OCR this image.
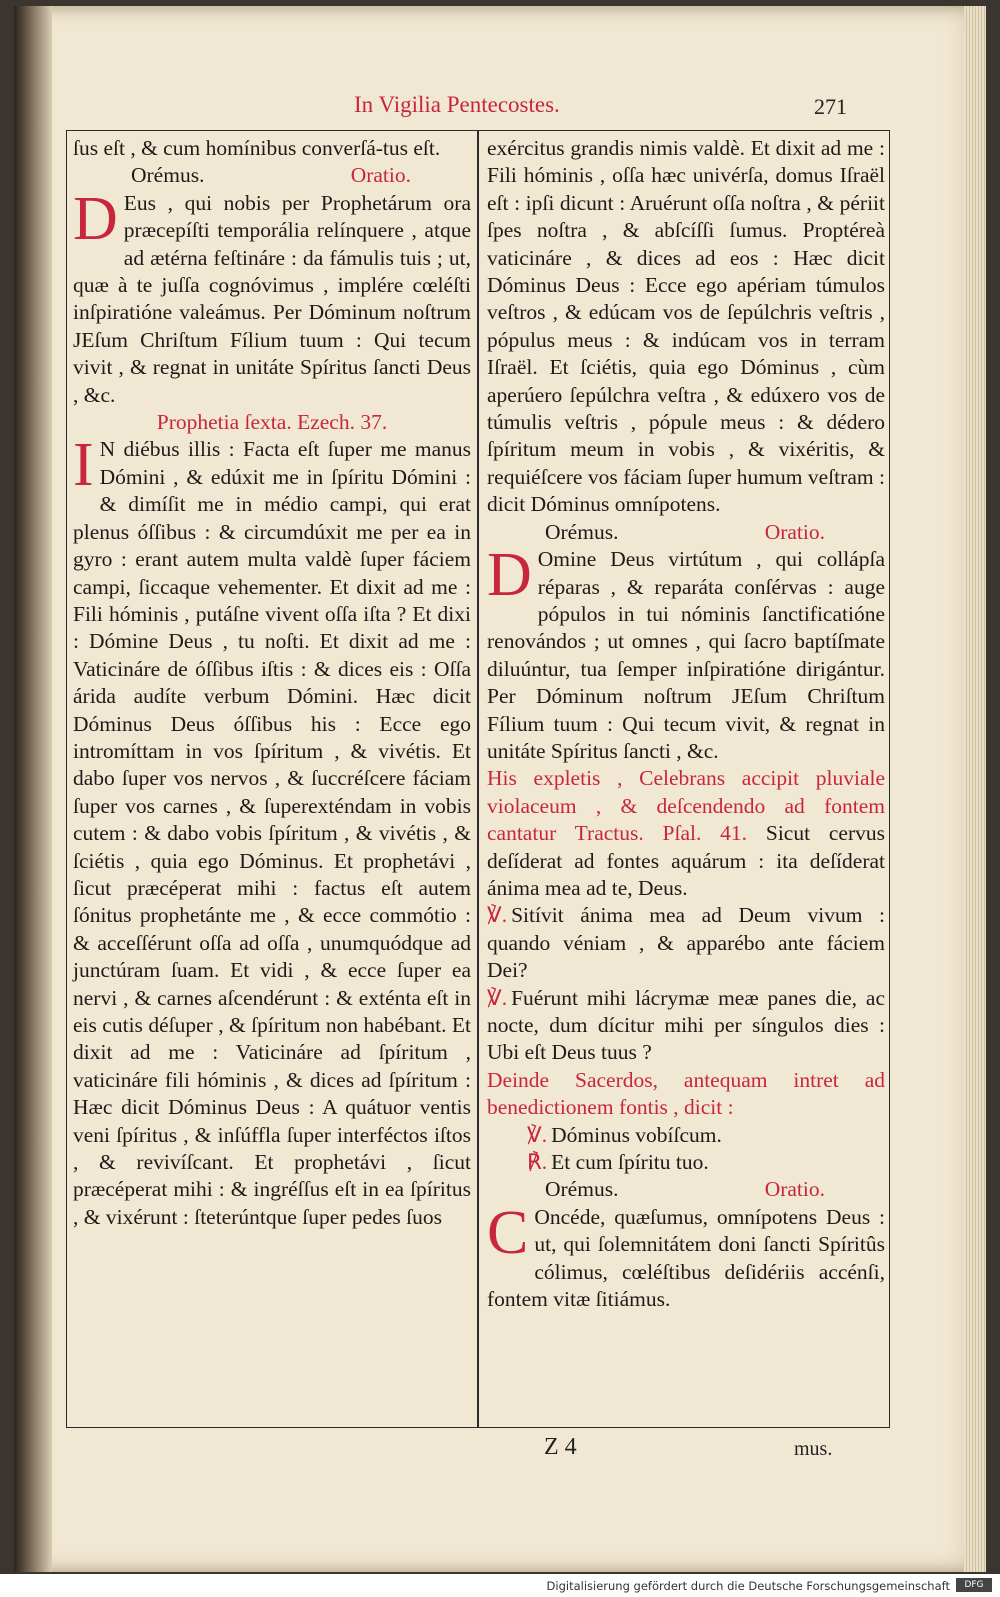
In Vigilia Pentecostes.	271

ſus eſt , & cum homínibus converſá-tus eſt.

Orémus.	Oratio.

D Eus , qui nobis per Prophetárum ora præcepíſti temporália relínquere , atque ad ætérna feſtináre : da fámulis tuis ; ut, quæ à te juſſa cognóvimus , implére cœléſti inſpiratióne valeámus. Per Dóminum noſtrum JEſum Chriſtum Fílium tuum : Qui tecum vivit , & regnat in unitáte Spíritus ſancti Deus , &c.

Prophetia ſexta. Ezech. 37.

I N diébus illis : Facta eſt ſuper me manus Dómini , & edúxit me in ſpíritu Dómini : & dimíſit me in médio campi, qui erat plenus óſſibus : & circumdúxit me per ea in gyro : erant autem multa valdè ſuper fáciem campi, ſiccaque vehementer. Et dixit ad me : Fili hóminis , putáſne vivent oſſa iſta ? Et dixi : Dómine Deus , tu noſti. Et dixit ad me : Vaticináre de óſſibus iſtis : & dices eis : Oſſa árida audíte verbum Dómini. Hæc dicit Dóminus Deus óſſibus his : Ecce ego intromíttam in vos ſpíritum , & vivétis. Et dabo ſuper vos nervos , & ſuccréſcere fáciam ſuper vos carnes , & ſuperexténdam in vobis cutem : & dabo vobis ſpíritum , & vivétis , & ſciétis , quia ego Dóminus. Et prophetávi , ſicut præcéperat mihi : factus eſt autem ſónitus prophetánte me , & ecce commótio : & acceſſérunt oſſa ad oſſa , unumquódque ad junctúram ſuam. Et vidi , & ecce ſuper ea nervi , & carnes aſcendérunt : & exténta eſt in eis cutis déſuper , & ſpíritum non habébant. Et dixit ad me : Vaticináre ad ſpíritum , vaticináre fili hóminis , & dices ad ſpíritum : Hæc dicit Dóminus Deus : A quátuor ventis veni ſpíritus , & inſúffla ſuper interféctos iſtos , & revivíſcant. Et prophetávi , ſicut præcéperat mihi : & ingréſſus eſt in ea ſpíritus , & vixérunt : ſteterúntque ſuper pedes ſuos

exércitus grandis nimis valdè. Et dixit ad me : Fili hóminis , oſſa hæc univérſa, domus Iſraël eſt : ipſi dicunt : Aruérunt oſſa noſtra , & périit ſpes noſtra , & abſcíſſi ſumus. Proptéreà vaticináre , & dices ad eos : Hæc dicit Dóminus Deus : Ecce ego apériam túmulos veſtros , & edúcam vos de ſepúlchris veſtris , pópulus meus : & indúcam vos in terram Iſraël. Et ſciétis, quia ego Dóminus , cùm aperúero ſepúlchra veſtra , & edúxero vos de túmulis veſtris , pópule meus : & dédero ſpíritum meum in vobis , & vixéritis, & requiéſcere vos fáciam ſuper humum veſtram : dicit Dóminus omnípotens.

Orémus.	Oratio.

D Omine Deus virtútum , qui collápſa réparas , & reparáta conſérvas : auge pópulos in tui nóminis ſanctificatióne renovándos ; ut omnes , qui ſacro baptíſmate diluúntur, tua ſemper inſpiratióne dirigántur. Per Dóminum noſtrum JEſum Chriſtum Fílium tuum : Qui tecum vivit, & regnat in unitáte Spíritus ſancti , &c.

His expletis , Celebrans accipit pluviale violaceum , & deſcendendo ad fontem cantatur Tractus. Pſal. 41. Sicut cervus deſíderat ad fontes aquárum : ita deſíderat ánima mea ad te, Deus.

℣. Sitívit ánima mea ad Deum vivum : quando véniam , & apparébo ante fáciem Dei?

℣. Fuérunt mihi lácrymæ meæ panes die, ac nocte, dum dícitur mihi per síngulos dies : Ubi eſt Deus tuus ?

Deinde Sacerdos, antequam intret ad benedictionem fontis , dicit :

℣. Dóminus vobíſcum.

℟. Et cum ſpíritu tuo.

Orémus.	Oratio.

C Oncéde, quæſumus, omnípotens Deus : ut, qui ſolemnitátem doni ſancti Spíritûs cólimus, cœléſtibus deſidériis accénſi, fontem vitæ ſitiámus.

Z 4	mus.
Digitalisierung gefördert durch die Deutsche Forschungsgemeinschaft	DFG
